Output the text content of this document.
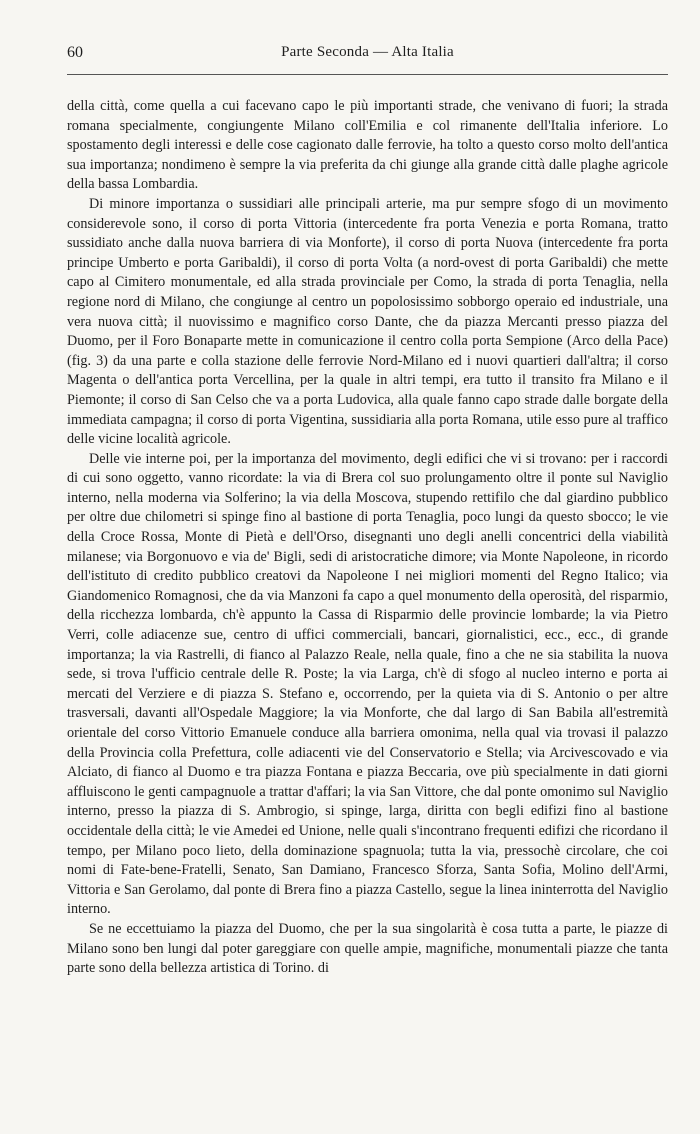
60	Parte Seconda — Alta Italia

della città, come quella a cui facevano capo le più importanti strade, che venivano di fuori; la strada romana specialmente, congiungente Milano coll'Emilia e col rimanente dell'Italia inferiore. Lo spostamento degli interessi e delle cose cagionato dalle ferrovie, ha tolto a questo corso molto dell'antica sua importanza; nondimeno è sempre la via preferita da chi giunge alla grande città dalle plaghe agricole della bassa Lombardia.

Di minore importanza o sussidiari alle principali arterie, ma pur sempre sfogo di un movimento considerevole sono, il corso di porta Vittoria (intercedente fra porta Venezia e porta Romana, tratto sussidiato anche dalla nuova barriera di via Monforte), il corso di porta Nuova (intercedente fra porta principe Umberto e porta Garibaldi), il corso di porta Volta (a nord-ovest di porta Garibaldi) che mette capo al Cimitero monumentale, ed alla strada provinciale per Como, la strada di porta Tenaglia, nella regione nord di Milano, che congiunge al centro un popolosissimo sobborgo operaio ed industriale, una vera nuova città; il nuovissimo e magnifico corso Dante, che da piazza Mercanti presso piazza del Duomo, per il Foro Bonaparte mette in comunicazione il centro colla porta Sempione (Arco della Pace) (fig. 3) da una parte e colla stazione delle ferrovie Nord-Milano ed i nuovi quartieri dall'altra; il corso Magenta o dell'antica porta Vercellina, per la quale in altri tempi, era tutto il transito fra Milano e il Piemonte; il corso di San Celso che va a porta Ludovica, alla quale fanno capo strade dalle borgate della immediata campagna; il corso di porta Vigentina, sussidiaria alla porta Romana, utile esso pure al traffico delle vicine località agricole.

Delle vie interne poi, per la importanza del movimento, degli edifici che vi si trovano: per i raccordi di cui sono oggetto, vanno ricordate: la via di Brera col suo prolungamento oltre il ponte sul Naviglio interno, nella moderna via Solferino; la via della Moscova, stupendo rettifilo che dal giardino pubblico per oltre due chilometri si spinge fino al bastione di porta Tenaglia, poco lungi da questo sbocco; le vie della Croce Rossa, Monte di Pietà e dell'Orso, disegnanti uno degli anelli concentrici della viabilità milanese; via Borgonuovo e via de' Bigli, sedi di aristocratiche dimore; via Monte Napoleone, in ricordo dell'istituto di credito pubblico creatovi da Napoleone I nei migliori momenti del Regno Italico; via Giandomenico Romagnosi, che da via Manzoni fa capo a quel monumento della operosità, del risparmio, della ricchezza lombarda, ch'è appunto la Cassa di Risparmio delle provincie lombarde; la via Pietro Verri, colle adiacenze sue, centro di uffici commerciali, bancari, giornalistici, ecc., ecc., di grande importanza; la via Rastrelli, di fianco al Palazzo Reale, nella quale, fino a che ne sia stabilita la nuova sede, si trova l'ufficio centrale delle R. Poste; la via Larga, ch'è di sfogo al nucleo interno e porta ai mercati del Verziere e di piazza S. Stefano e, occorrendo, per la quieta via di S. Antonio o per altre trasversali, davanti all'Ospedale Maggiore; la via Monforte, che dal largo di San Babila all'estremità orientale del corso Vittorio Emanuele conduce alla barriera omonima, nella qual via trovasi il palazzo della Provincia colla Prefettura, colle adiacenti vie del Conservatorio e Stella; via Arcivescovado e via Alciato, di fianco al Duomo e tra piazza Fontana e piazza Beccaria, ove più specialmente in dati giorni affluiscono le genti campagnuole a trattar d'affari; la via San Vittore, che dal ponte omonimo sul Naviglio interno, presso la piazza di S. Ambrogio, si spinge, larga, diritta con begli edifizi fino al bastione occidentale della città; le vie Amedei ed Unione, nelle quali s'incontrano frequenti edifizi che ricordano il tempo, per Milano poco lieto, della dominazione spagnuola; tutta la via, pressochè circolare, che coi nomi di Fate-bene-Fratelli, Senato, San Damiano, Francesco Sforza, Santa Sofia, Molino dell'Armi, Vittoria e San Gerolamo, dal ponte di Brera fino a piazza Castello, segue la linea ininterrotta del Naviglio interno.

Se ne eccettuiamo la piazza del Duomo, che per la sua singolarità è cosa tutta a parte, le piazze di Milano sono ben lungi dal poter gareggiare con quelle ampie, magnifiche, monumentali piazze che tanta parte sono della bellezza artistica di Torino. di
